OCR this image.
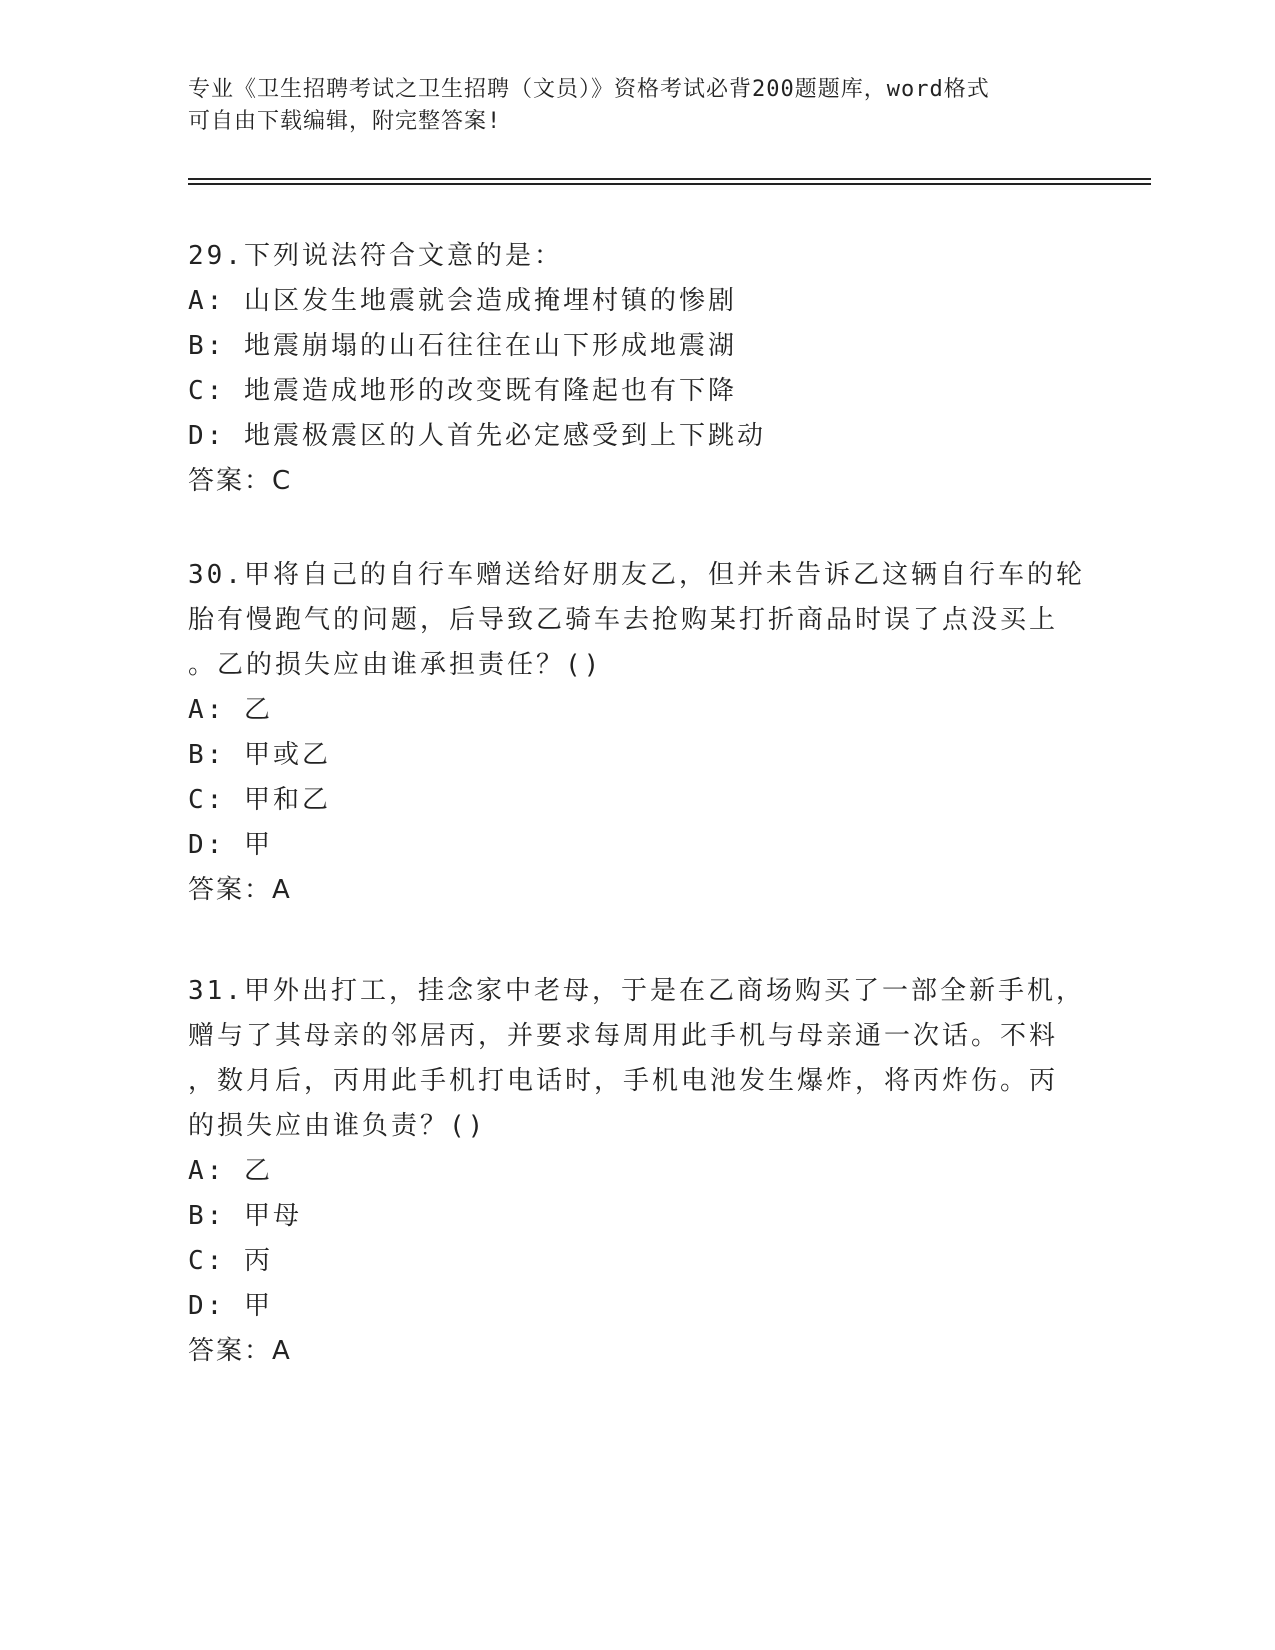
专业《卫生招聘考试之卫生招聘（文员）》资格考试必背200题题库，word格式
可自由下载编辑，附完整答案!
29.下列说法符合文意的是：
A: 山区发生地震就会造成掩埋村镇的惨剧
B: 地震崩塌的山石往往在山下形成地震湖
C: 地震造成地形的改变既有隆起也有下降
D: 地震极震区的人首先必定感受到上下跳动
答案：C
30.甲将自己的自行车赠送给好朋友乙，但并未告诉乙这辆自行车的轮
胎有慢跑气的问题，后导致乙骑车去抢购某打折商品时误了点没买上
。乙的损失应由谁承担责任？()
A: 乙
B: 甲或乙
C: 甲和乙
D: 甲
答案：A
31.甲外出打工，挂念家中老母，于是在乙商场购买了一部全新手机，
赠与了其母亲的邻居丙，并要求每周用此手机与母亲通一次话。不料
，数月后，丙用此手机打电话时，手机电池发生爆炸，将丙炸伤。丙
的损失应由谁负责？()
A: 乙
B: 甲母
C: 丙
D: 甲
答案：A
